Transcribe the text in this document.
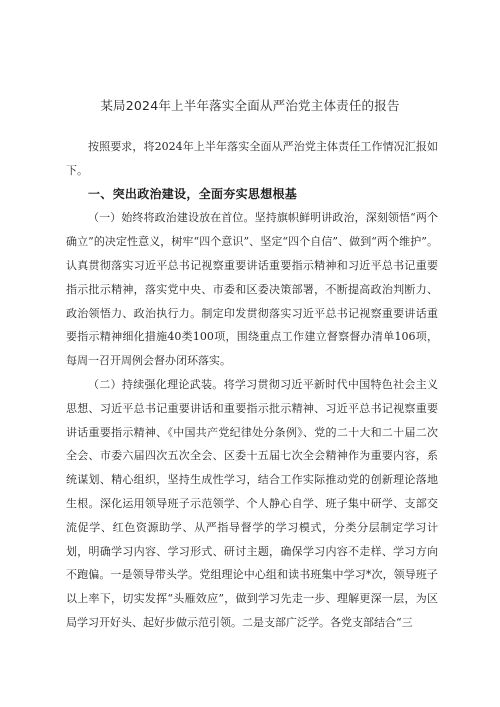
某局2024年上半年落实全面从严治党主体责任的报告

按照要求，将2024年上半年落实全面从严治党主体责任工作情况汇报如下。

一、突出政治建设，全面夯实思想根基

（一）始终将政治建设放在首位。坚持旗帜鲜明讲政治，深刻领悟“两个确立”的决定性意义，树牢“四个意识”、坚定“四个自信”、做到“两个维护”。认真贯彻落实习近平总书记视察重要讲话重要指示精神和习近平总书记重要指示批示精神，落实党中央、市委和区委决策部署，不断提高政治判断力、政治领悟力、政治执行力。制定印发贯彻落实习近平总书记视察重要讲话重要指示精神细化措施40类100项，围绕重点工作建立督察督办清单106项，每周一召开周例会督办闭环落实。

（二）持续强化理论武装。将学习贯彻习近平新时代中国特色社会主义思想、习近平总书记重要讲话和重要指示批示精神、习近平总书记视察重要讲话重要指示精神、《中国共产党纪律处分条例》、党的二十大和二十届二次全会、市委六届四次五次全会、区委十五届七次全会精神作为重要内容，系统谋划、精心组织，坚持生成性学习，结合工作实际推动党的创新理论落地生根。深化运用领导班子示范领学、个人静心自学、班子集中研学、支部交流促学、红色资源助学、从严指导督学的学习模式，分类分层制定学习计划，明确学习内容、学习形式、研讨主题，确保学习内容不走样、学习方向不跑偏。一是领导带头学。党组理论中心组和读书班集中学习*次，领导班子以上率下，切实发挥“头雁效应”，做到学习先走一步、理解更深一层，为区局学习开好头、起好步做示范引领。二是支部广泛学。各党支部结合“三
